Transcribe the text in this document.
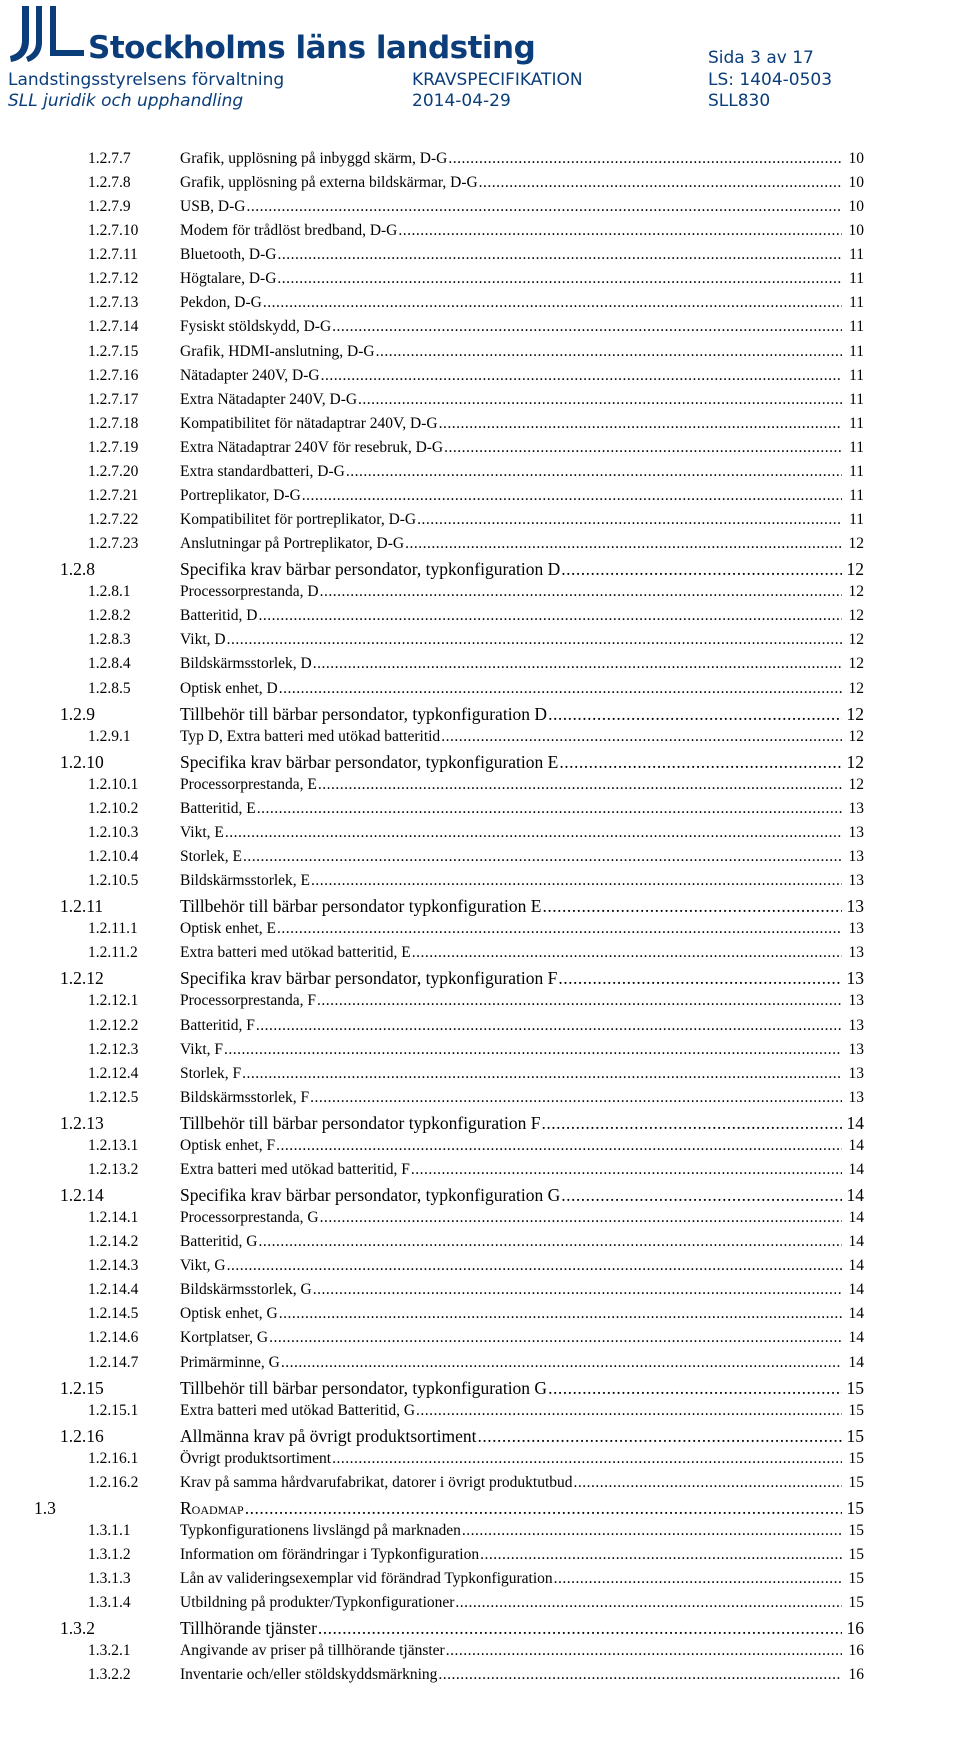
Stockholms läns landsting	Sida 3 av 17
Landstingsstyrelsens förvaltning	KRAVSPECIFIKATION	LS: 1404-0503
SLL juridik och upphandling	2014-04-29	SLL830
1.2.7.7	Grafik, upplösning på inbyggd skärm, D-G .....	10
1.2.7.8	Grafik, upplösning på externa bildskärmar, D-G .....	10
1.2.7.9	USB, D-G .....	10
1.2.7.10	Modem för trådlöst bredband, D-G .....	10
1.2.7.11	Bluetooth, D-G .....	11
1.2.7.12	Högtalare, D-G .....	11
1.2.7.13	Pekdon, D-G .....	11
1.2.7.14	Fysiskt stöldskydd, D-G .....	11
1.2.7.15	Grafik, HDMI-anslutning, D-G .....	11
1.2.7.16	Nätadapter 240V, D-G .....	11
1.2.7.17	Extra Nätadapter 240V, D-G .....	11
1.2.7.18	Kompatibilitet för nätadaptrar 240V, D-G .....	11
1.2.7.19	Extra Nätadaptrar 240V för resebruk, D-G .....	11
1.2.7.20	Extra standardbatteri, D-G .....	11
1.2.7.21	Portreplikator, D-G .....	11
1.2.7.22	Kompatibilitet för portreplikator, D-G .....	11
1.2.7.23	Anslutningar på Portreplikator, D-G .....	12
1.2.8	Specifika krav bärbar persondator, typkonfiguration D .....	12
1.2.8.1	Processorprestanda, D .....	12
1.2.8.2	Batteritid, D .....	12
1.2.8.3	Vikt, D .....	12
1.2.8.4	Bildskärmsstorlek, D .....	12
1.2.8.5	Optisk enhet, D .....	12
1.2.9	Tillbehör till bärbar persondator, typkonfiguration D .....	12
1.2.9.1	Typ D, Extra batteri med utökad batteritid .....	12
1.2.10	Specifika krav bärbar persondator, typkonfiguration E .....	12
1.2.10.1	Processorprestanda, E .....	12
1.2.10.2	Batteritid, E .....	13
1.2.10.3	Vikt, E .....	13
1.2.10.4	Storlek, E .....	13
1.2.10.5	Bildskärmsstorlek, E .....	13
1.2.11	Tillbehör till bärbar persondator typkonfiguration E .....	13
1.2.11.1	Optisk enhet, E .....	13
1.2.11.2	Extra batteri med utökad batteritid, E .....	13
1.2.12	Specifika krav bärbar persondator, typkonfiguration F .....	13
1.2.12.1	Processorprestanda, F .....	13
1.2.12.2	Batteritid, F .....	13
1.2.12.3	Vikt, F .....	13
1.2.12.4	Storlek, F .....	13
1.2.12.5	Bildskärmsstorlek, F .....	13
1.2.13	Tillbehör till bärbar persondator typkonfiguration F .....	14
1.2.13.1	Optisk enhet, F .....	14
1.2.13.2	Extra batteri med utökad batteritid, F .....	14
1.2.14	Specifika krav bärbar persondator, typkonfiguration G .....	14
1.2.14.1	Processorprestanda, G .....	14
1.2.14.2	Batteritid, G .....	14
1.2.14.3	Vikt, G .....	14
1.2.14.4	Bildskärmsstorlek, G .....	14
1.2.14.5	Optisk enhet, G .....	14
1.2.14.6	Kortplatser, G .....	14
1.2.14.7	Primärminne, G .....	14
1.2.15	Tillbehör till bärbar persondator, typkonfiguration G .....	15
1.2.15.1	Extra batteri med utökad Batteritid, G .....	15
1.2.16	Allmänna krav på övrigt produktsortiment .....	15
1.2.16.1	Övrigt produktsortiment .....	15
1.2.16.2	Krav på samma hårdvarufabrikat, datorer i övrigt produktutbud .....	15
1.3	Roadmap .....	15
1.3.1.1	Typkonfigurationens livslängd på marknaden .....	15
1.3.1.2	Information om förändringar i Typkonfiguration .....	15
1.3.1.3	Lån av valideringsexemplar vid förändrad Typkonfiguration .....	15
1.3.1.4	Utbildning på produkter/Typkonfigurationer .....	15
1.3.2	Tillhörande tjänster .....	16
1.3.2.1	Angivande av priser på tillhörande tjänster .....	16
1.3.2.2	Inventarie och/eller stöldskyddsmärkning .....	16
